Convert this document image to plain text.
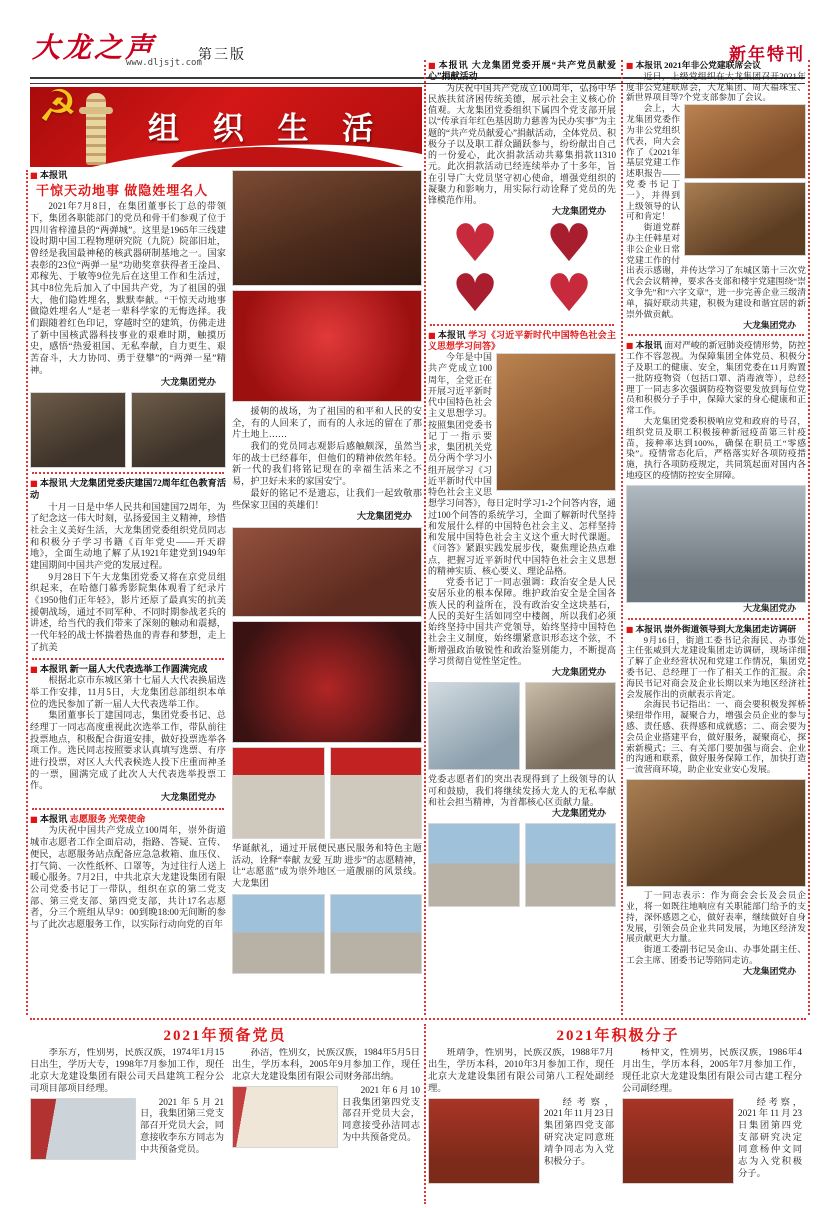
大龙之声
www.dljsjt.com
第三版	新年特刊
☭ 组 织 生 活

■ 本报讯

干惊天动地事 做隐姓埋名人

2021年7月8日，在集团董事长丁总的带领下，集团各职能部门的党员和骨干们参观了位于四川省梓潼县的“两弹城”。这里是1965年三线建设时期中国工程物理研究院（九院）院部旧址，曾经是我国最神秘的核武器研制基地之一。国家表彰的23位“两弹一星”功勋奖章获得者王淦昌、邓稼先、于敏等9位先后在这里工作和生活过，其中8位先后加入了中国共产党，为了祖国的强大，他们隐姓埋名，默默奉献。“干惊天动地事 做隐姓埋名人”是老一辈科学家的无悔选择。我们跟随着红色印记，穿越时空的建筑，仿佛走进了新中国核武器科技事业的艰难时期，触摸历史，感悟“热爱祖国、无私奉献，自力更生、艰苦奋斗，大力协同、勇于登攀”的“两弹一星”精神。

大龙集团党办

■ 本报讯 大龙集团党委庆建国72周年红色教育活动

十月一日是中华人民共和国建国72周年，为了纪念这一伟大时刻，弘扬爱国主义精神，珍惜社会主义美好生活，大龙集团党委组织党员同志和积极分子学习书籍《百年党史——开天辟地》，全面生动地了解了从1921年建党到1949年建国期间中国共产党的发展过程。

9月28日下午大龙集团党委又将在京党员组织起来，在哈德门慕秀影院集体观看了纪录片《1950他们正年轻》，影片还原了最真实的抗美援朝战场，通过不同军种、不同时期参战老兵的讲述，给当代的我们带来了深刻的触动和震撼，一代年轻的战士怀揣着热血的青春和梦想，走上了抗美

■ 本报讯 新一届人大代表选举工作圆满完成

根据北京市东城区第十七届人大代表换届选举工作安排，11月5日，大龙集团总部组织本单位的选民参加了新一届人大代表选举工作。

集团董事长丁建国同志，集团党委书记、总经理丁一同志高度重视此次选举工作，带队前往投票地点，积极配合街道安排，做好投票选举各项工作。选民同志按照要求认真填写选票、有序进行投票，对区人大代表候选人投下庄重而神圣的一票，圆满完成了此次人大代表选举投票工作。

大龙集团党办

■ 本报讯 志愿服务 光荣使命

为庆祝中国共产党成立100周年，崇外街道城市志愿者工作全面启动，指路、答疑、宣传、便民，志愿服务站点配备应急急救箱、血压仪、打气筒、一次性纸杯、口罩等，为过往行人送上暖心服务。7月2日，中共北京大龙建设集团有限公司党委书记丁一带队，组织在京的第二党支部、第三党支部、第四党支部，共计17名志愿者，分三个班组从早9：00到晚18:00无间断的参与了此次志愿服务工作，以实际行动向党的百年

援朝的战场，为了祖国的和平和人民的安全，有的人回来了，而有的人永远的留在了那片土地上……

我们的党员同志观影后感触颇深，虽然当年的战士已经暮年，但他们的精神依然年轻。新一代的我们将铭记现在的幸福生活来之不易，护卫好未来的家国安宁。

最好的铭记不是遗忘，让我们一起致敬那些保家卫国的英雄们！

大龙集团党办

华诞献礼，通过开展便民惠民服务和特色主题活动，诠释“奉献 友爱 互助 进步”的志愿精神，让“志愿蓝”成为崇外地区一道靓丽的风景线。大龙集团

■ 本报讯 大龙集团党委开展“共产党员献爱心”捐献活动

为庆祝中国共产党成立100周年，弘扬中华民族扶贫济困传统美德，展示社会主义核心价值观。大龙集团党委组织下属四个党支部开展以“传承百年红色基因助力慈善为民办实事”为主题的“共产党员献爱心”捐献活动，全体党员、积极分子以及职工群众踊跃参与，纷纷献出自己的一份爱心，此次捐款活动共募集捐款11310元。此次捐款活动已经连续举办了十多年，旨在引导广大党员坚守初心使命，增强党组织的凝聚力和影响力，用实际行动诠释了党员的先锋模范作用。

大龙集团党办

♥ ♥
♥ ♥

■ 本报讯 学习《习近平新时代中国特色社会主义思想学习问答》

今年是中国共产党成立100周年，全党正在开展习近平新时代中国特色社会主义思想学习。按照集团党委书记丁一指示要求，集团机关党员分两个学习小组开展学习《习近平新时代中国特色社会主义思想学习问答》，每日定时学习1-2个问答内容，通过100个问答的系统学习，全面了解新时代坚持和发展什么样的中国特色社会主义、怎样坚持和发展中国特色社会主义这个重大时代课题。《问答》紧跟实践发展步伐，聚焦理论热点难点，把握习近平新时代中国特色社会主义思想的精神实质、核心要义、理论品格。

党委书记丁一同志强调：政治安全是人民安居乐业的根本保障。维护政治安全是全国各族人民的利益所在，没有政治安全这块基石，人民的美好生活如同空中楼阁，所以我们必须始终坚持中国共产党领导，始终坚持中国特色社会主义制度，始终绷紧意识形态这个弦，不断增强政治敏锐性和政治鉴别能力，不断提高学习贯彻自觉性坚定性。

大龙集团党办

党委志愿者们的突出表现得到了上级领导的认可和鼓励，我们将继续发扬大龙人的无私奉献和社会担当精神，为首都核心区贡献力量。

大龙集团党办

■ 本报讯 2021年非公党建联席会议

近日，上级党组织在大龙集团召开2021年度非公党建联席会，大龙集团、周大福珠宝、新世界项目等7个党支部参加了会议。

会上，大龙集团党委作为非公党组织代表，向大会作了《2021年基层党建工作述职报告——党委书记丁一》，并得到上级领导的认可和肯定！

街道党群办主任韩星对非公企业日常党建工作的付出表示感谢，并传达学习了东城区第十三次党代会会议精神，要求各支部和楼宇党建围绕“崇文争先”和“六字文章”，进一步完善企业三级清单，搞好联动共建，积极为建设和谐宜居的新崇外做贡献。

大龙集团党办

■ 本报讯 面对严峻的新冠肺炎疫情形势，防控工作不容忽视。为保障集团全体党员、积极分子及职工的健康、安全，集团党委在11月购置一批防疫物资（包括口罩、消毒液等），总经理丁一同志多次强调防疫物资要发放到每位党员和积极分子手中，保障大家的身心健康和正常工作。

大龙集团党委积极响应党和政府的号召，组织党员及职工积极接种新冠疫苗第三针疫苗，接种率达到100%，确保在职员工“零感染”。疫情常态化后，严格落实好各项防疫措施，执行各项防疫规定，共同筑起面对国内各地疫区的疫情防控安全屏障。

大龙集团党办

■ 本报讯 崇外街道领导到大龙集团走访调研

9月16日，街道工委书记余海民、办事处主任张威到大龙建设集团走访调研，现场详细了解了企业经营状况和党建工作情况，集团党委书记、总经理丁一作了相关工作的汇报。余海民书记对商会及企业长期以来为地区经济社会发展作出的贡献表示肯定。

余海民书记指出：一、商会要积极发挥桥梁纽带作用，凝聚合力，增强会员企业的参与感、责任感、获得感和成就感；二、商会要为会员企业搭建平台，做好服务，凝聚商心，探索新模式；三、有关部门要加强与商会、企业的沟通和联系，做好服务保障工作，加快打造一流营商环境，助企业安业安心发展。

丁一同志表示：作为商会会长及会员企业，将一如既往地响应有关职能部门给予的支持，深怀感恩之心，做好表率，继续做好自身发展，引领会员企业共同发展，为地区经济发展贡献更大力量。

街道工委副书记吴金山、办事处副主任、工会主席、团委书记等陪同走访。

大龙集团党办

2021年预备党员	2021年积极分子

李东方，性别男，民族汉族，1974年1月15日出生，学历大专，1998年7月参加工作，现任北京大龙建设集团有限公司天昌建筑工程分公司项目部项目经理。

2021年5月21日，我集团第三党支部召开党员大会，同意接收李东方同志为中共预备党员。

孙洁，性别女，民族汉族，1984年5月5日出生，学历本科，2005年9月参加工作，现任北京大龙建设集团有限公司财务部出纳。

2021年6月10日我集团第四党支部召开党员大会，同意接受孙洁同志为中共预备党员。

班靖争，性别男，民族汉族，1988年7月出生，学历本科，2010年3月参加工作，现任北京大龙建设集团有限公司第八工程处副经理。

经考察，2021年11月23日集团第四党支部研究决定同意班靖争同志为入党积极分子。

杨仲文，性别男，民族汉族，1986年4月出生，学历本科，2005年7月参加工作，现任北京大龙建设集团有限公司古建工程分公司副经理。

经考察，2021年11月23日集团第四党支部研究决定同意杨仲文同志为入党积极分子。
